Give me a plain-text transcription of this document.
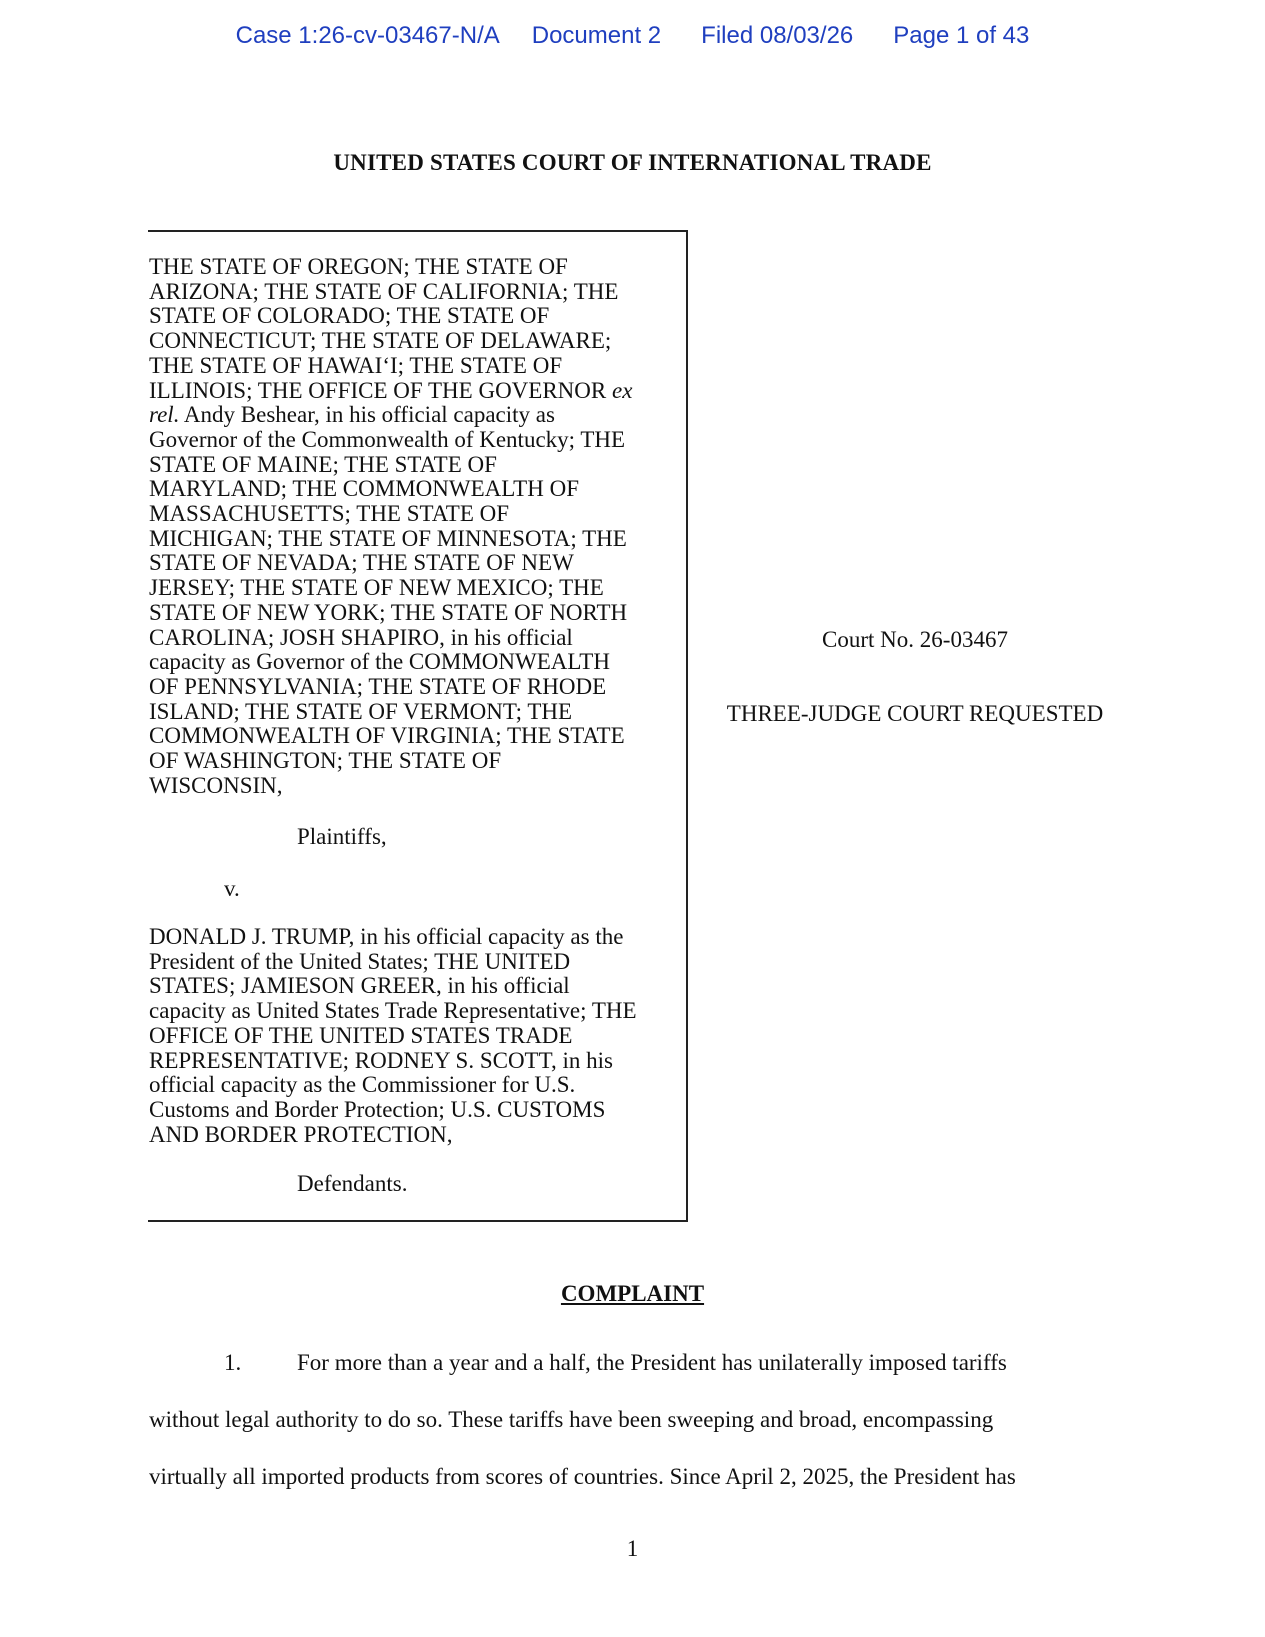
Case 1:26-cv-03467-N/A Document 2 Filed 08/03/26 Page 1 of 43
UNITED STATES COURT OF INTERNATIONAL TRADE
THE STATE OF OREGON; THE STATE OF
ARIZONA; THE STATE OF CALIFORNIA; THE
STATE OF COLORADO; THE STATE OF
CONNECTICUT; THE STATE OF DELAWARE;
THE STATE OF HAWAIʻI; THE STATE OF
ILLINOIS; THE OFFICE OF THE GOVERNOR ex
rel. Andy Beshear, in his official capacity as
Governor of the Commonwealth of Kentucky; THE
STATE OF MAINE; THE STATE OF
MARYLAND; THE COMMONWEALTH OF
MASSACHUSETTS; THE STATE OF
MICHIGAN; THE STATE OF MINNESOTA; THE
STATE OF NEVADA; THE STATE OF NEW
JERSEY; THE STATE OF NEW MEXICO; THE
STATE OF NEW YORK; THE STATE OF NORTH
CAROLINA; JOSH SHAPIRO, in his official
capacity as Governor of the COMMONWEALTH
OF PENNSYLVANIA; THE STATE OF RHODE
ISLAND; THE STATE OF VERMONT; THE
COMMONWEALTH OF VIRGINIA; THE STATE
OF WASHINGTON; THE STATE OF
WISCONSIN,
Plaintiffs,
v.
DONALD J. TRUMP, in his official capacity as the
President of the United States; THE UNITED
STATES; JAMIESON GREER, in his official
capacity as United States Trade Representative; THE
OFFICE OF THE UNITED STATES TRADE
REPRESENTATIVE; RODNEY S. SCOTT, in his
official capacity as the Commissioner for U.S.
Customs and Border Protection; U.S. CUSTOMS
AND BORDER PROTECTION,
Defendants.
Court No. 26-03467
THREE-JUDGE COURT REQUESTED
COMPLAINT
1.	For more than a year and a half, the President has unilaterally imposed tariffs
without legal authority to do so. These tariffs have been sweeping and broad, encompassing
virtually all imported products from scores of countries. Since April 2, 2025, the President has
1
